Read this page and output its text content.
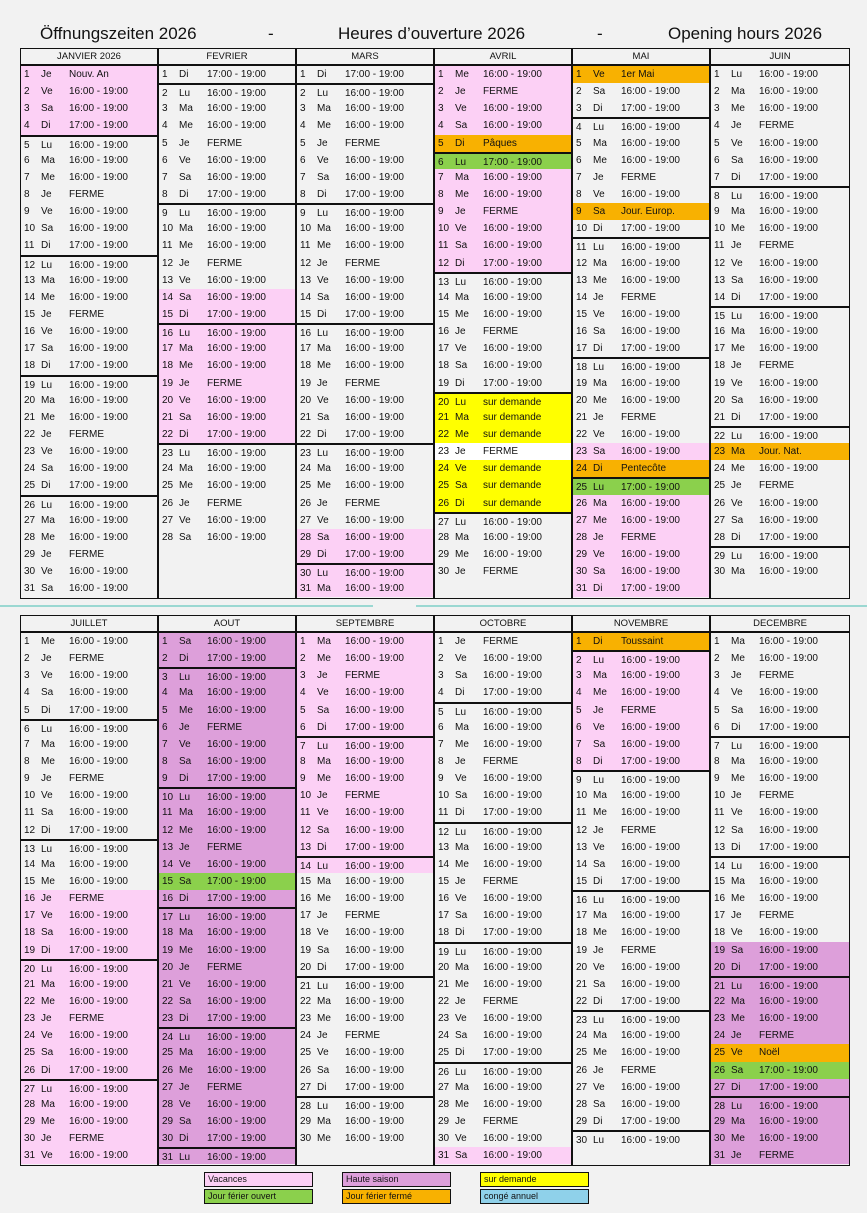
Öffnungszeiten 2026	-	Heures d’ouverture 2026	-	Opening hours 2026
JANVIER 2026
1 Je Nouv. An
2 Ve 16:00 - 19:00
3 Sa 16:00 - 19:00
4 Di 17:00 - 19:00
5 Lu 16:00 - 19:00
6 Ma 16:00 - 19:00
7 Me 16:00 - 19:00
8 Je FERME
9 Ve 16:00 - 19:00
10 Sa 16:00 - 19:00
11 Di 17:00 - 19:00
12 Lu 16:00 - 19:00
13 Ma 16:00 - 19:00
14 Me 16:00 - 19:00
15 Je FERME
16 Ve 16:00 - 19:00
17 Sa 16:00 - 19:00
18 Di 17:00 - 19:00
19 Lu 16:00 - 19:00
20 Ma 16:00 - 19:00
21 Me 16:00 - 19:00
22 Je FERME
23 Ve 16:00 - 19:00
24 Sa 16:00 - 19:00
25 Di 17:00 - 19:00
26 Lu 16:00 - 19:00
27 Ma 16:00 - 19:00
28 Me 16:00 - 19:00
29 Je FERME
30 Ve 16:00 - 19:00
31 Sa 16:00 - 19:00
FEVRIER
1 Di 17:00 - 19:00
2 Lu 16:00 - 19:00
3 Ma 16:00 - 19:00
4 Me 16:00 - 19:00
5 Je FERME
6 Ve 16:00 - 19:00
7 Sa 16:00 - 19:00
8 Di 17:00 - 19:00
9 Lu 16:00 - 19:00
10 Ma 16:00 - 19:00
11 Me 16:00 - 19:00
12 Je FERME
13 Ve 16:00 - 19:00
14 Sa 16:00 - 19:00
15 Di 17:00 - 19:00
16 Lu 16:00 - 19:00
17 Ma 16:00 - 19:00
18 Me 16:00 - 19:00
19 Je FERME
20 Ve 16:00 - 19:00
21 Sa 16:00 - 19:00
22 Di 17:00 - 19:00
23 Lu 16:00 - 19:00
24 Ma 16:00 - 19:00
25 Me 16:00 - 19:00
26 Je FERME
27 Ve 16:00 - 19:00
28 Sa 16:00 - 19:00
MARS
1 Di 17:00 - 19:00
2 Lu 16:00 - 19:00
3 Ma 16:00 - 19:00
4 Me 16:00 - 19:00
5 Je FERME
6 Ve 16:00 - 19:00
7 Sa 16:00 - 19:00
8 Di 17:00 - 19:00
9 Lu 16:00 - 19:00
10 Ma 16:00 - 19:00
11 Me 16:00 - 19:00
12 Je FERME
13 Ve 16:00 - 19:00
14 Sa 16:00 - 19:00
15 Di 17:00 - 19:00
16 Lu 16:00 - 19:00
17 Ma 16:00 - 19:00
18 Me 16:00 - 19:00
19 Je FERME
20 Ve 16:00 - 19:00
21 Sa 16:00 - 19:00
22 Di 17:00 - 19:00
23 Lu 16:00 - 19:00
24 Ma 16:00 - 19:00
25 Me 16:00 - 19:00
26 Je FERME
27 Ve 16:00 - 19:00
28 Sa 16:00 - 19:00
29 Di 17:00 - 19:00
30 Lu 16:00 - 19:00
31 Ma 16:00 - 19:00
AVRIL
1 Me 16:00 - 19:00
2 Je FERME
3 Ve 16:00 - 19:00
4 Sa 16:00 - 19:00
5 Di Pâques
6 Lu 17:00 - 19:00
7 Ma 16:00 - 19:00
8 Me 16:00 - 19:00
9 Je FERME
10 Ve 16:00 - 19:00
11 Sa 16:00 - 19:00
12 Di 17:00 - 19:00
13 Lu 16:00 - 19:00
14 Ma 16:00 - 19:00
15 Me 16:00 - 19:00
16 Je FERME
17 Ve 16:00 - 19:00
18 Sa 16:00 - 19:00
19 Di 17:00 - 19:00
20 Lu sur demande
21 Ma sur demande
22 Me sur demande
23 Je FERME
24 Ve sur demande
25 Sa sur demande
26 Di sur demande
27 Lu 16:00 - 19:00
28 Ma 16:00 - 19:00
29 Me 16:00 - 19:00
30 Je FERME
MAI
1 Ve 1er Mai
2 Sa 16:00 - 19:00
3 Di 17:00 - 19:00
4 Lu 16:00 - 19:00
5 Ma 16:00 - 19:00
6 Me 16:00 - 19:00
7 Je FERME
8 Ve 16:00 - 19:00
9 Sa Jour. Europ.
10 Di 17:00 - 19:00
11 Lu 16:00 - 19:00
12 Ma 16:00 - 19:00
13 Me 16:00 - 19:00
14 Je FERME
15 Ve 16:00 - 19:00
16 Sa 16:00 - 19:00
17 Di 17:00 - 19:00
18 Lu 16:00 - 19:00
19 Ma 16:00 - 19:00
20 Me 16:00 - 19:00
21 Je FERME
22 Ve 16:00 - 19:00
23 Sa 16:00 - 19:00
24 Di Pentecôte
25 Lu 17:00 - 19:00
26 Ma 16:00 - 19:00
27 Me 16:00 - 19:00
28 Je FERME
29 Ve 16:00 - 19:00
30 Sa 16:00 - 19:00
31 Di 17:00 - 19:00
JUIN
1 Lu 16:00 - 19:00
2 Ma 16:00 - 19:00
3 Me 16:00 - 19:00
4 Je FERME
5 Ve 16:00 - 19:00
6 Sa 16:00 - 19:00
7 Di 17:00 - 19:00
8 Lu 16:00 - 19:00
9 Ma 16:00 - 19:00
10 Me 16:00 - 19:00
11 Je FERME
12 Ve 16:00 - 19:00
13 Sa 16:00 - 19:00
14 Di 17:00 - 19:00
15 Lu 16:00 - 19:00
16 Ma 16:00 - 19:00
17 Me 16:00 - 19:00
18 Je FERME
19 Ve 16:00 - 19:00
20 Sa 16:00 - 19:00
21 Di 17:00 - 19:00
22 Lu 16:00 - 19:00
23 Ma Jour. Nat.
24 Me 16:00 - 19:00
25 Je FERME
26 Ve 16:00 - 19:00
27 Sa 16:00 - 19:00
28 Di 17:00 - 19:00
29 Lu 16:00 - 19:00
30 Ma 16:00 - 19:00
JUILLET
1 Me 16:00 - 19:00
2 Je FERME
3 Ve 16:00 - 19:00
4 Sa 16:00 - 19:00
5 Di 17:00 - 19:00
6 Lu 16:00 - 19:00
7 Ma 16:00 - 19:00
8 Me 16:00 - 19:00
9 Je FERME
10 Ve 16:00 - 19:00
11 Sa 16:00 - 19:00
12 Di 17:00 - 19:00
13 Lu 16:00 - 19:00
14 Ma 16:00 - 19:00
15 Me 16:00 - 19:00
16 Je FERME
17 Ve 16:00 - 19:00
18 Sa 16:00 - 19:00
19 Di 17:00 - 19:00
20 Lu 16:00 - 19:00
21 Ma 16:00 - 19:00
22 Me 16:00 - 19:00
23 Je FERME
24 Ve 16:00 - 19:00
25 Sa 16:00 - 19:00
26 Di 17:00 - 19:00
27 Lu 16:00 - 19:00
28 Ma 16:00 - 19:00
29 Me 16:00 - 19:00
30 Je FERME
31 Ve 16:00 - 19:00
AOUT
1 Sa 16:00 - 19:00
2 Di 17:00 - 19:00
3 Lu 16:00 - 19:00
4 Ma 16:00 - 19:00
5 Me 16:00 - 19:00
6 Je FERME
7 Ve 16:00 - 19:00
8 Sa 16:00 - 19:00
9 Di 17:00 - 19:00
10 Lu 16:00 - 19:00
11 Ma 16:00 - 19:00
12 Me 16:00 - 19:00
13 Je FERME
14 Ve 16:00 - 19:00
15 Sa 17:00 - 19:00
16 Di 17:00 - 19:00
17 Lu 16:00 - 19:00
18 Ma 16:00 - 19:00
19 Me 16:00 - 19:00
20 Je FERME
21 Ve 16:00 - 19:00
22 Sa 16:00 - 19:00
23 Di 17:00 - 19:00
24 Lu 16:00 - 19:00
25 Ma 16:00 - 19:00
26 Me 16:00 - 19:00
27 Je FERME
28 Ve 16:00 - 19:00
29 Sa 16:00 - 19:00
30 Di 17:00 - 19:00
31 Lu 16:00 - 19:00
SEPTEMBRE
1 Ma 16:00 - 19:00
2 Me 16:00 - 19:00
3 Je FERME
4 Ve 16:00 - 19:00
5 Sa 16:00 - 19:00
6 Di 17:00 - 19:00
7 Lu 16:00 - 19:00
8 Ma 16:00 - 19:00
9 Me 16:00 - 19:00
10 Je FERME
11 Ve 16:00 - 19:00
12 Sa 16:00 - 19:00
13 Di 17:00 - 19:00
14 Lu 16:00 - 19:00
15 Ma 16:00 - 19:00
16 Me 16:00 - 19:00
17 Je FERME
18 Ve 16:00 - 19:00
19 Sa 16:00 - 19:00
20 Di 17:00 - 19:00
21 Lu 16:00 - 19:00
22 Ma 16:00 - 19:00
23 Me 16:00 - 19:00
24 Je FERME
25 Ve 16:00 - 19:00
26 Sa 16:00 - 19:00
27 Di 17:00 - 19:00
28 Lu 16:00 - 19:00
29 Ma 16:00 - 19:00
30 Me 16:00 - 19:00
OCTOBRE
1 Je FERME
2 Ve 16:00 - 19:00
3 Sa 16:00 - 19:00
4 Di 17:00 - 19:00
5 Lu 16:00 - 19:00
6 Ma 16:00 - 19:00
7 Me 16:00 - 19:00
8 Je FERME
9 Ve 16:00 - 19:00
10 Sa 16:00 - 19:00
11 Di 17:00 - 19:00
12 Lu 16:00 - 19:00
13 Ma 16:00 - 19:00
14 Me 16:00 - 19:00
15 Je FERME
16 Ve 16:00 - 19:00
17 Sa 16:00 - 19:00
18 Di 17:00 - 19:00
19 Lu 16:00 - 19:00
20 Ma 16:00 - 19:00
21 Me 16:00 - 19:00
22 Je FERME
23 Ve 16:00 - 19:00
24 Sa 16:00 - 19:00
25 Di 17:00 - 19:00
26 Lu 16:00 - 19:00
27 Ma 16:00 - 19:00
28 Me 16:00 - 19:00
29 Je FERME
30 Ve 16:00 - 19:00
31 Sa 16:00 - 19:00
NOVEMBRE
1 Di Toussaint
2 Lu 16:00 - 19:00
3 Ma 16:00 - 19:00
4 Me 16:00 - 19:00
5 Je FERME
6 Ve 16:00 - 19:00
7 Sa 16:00 - 19:00
8 Di 17:00 - 19:00
9 Lu 16:00 - 19:00
10 Ma 16:00 - 19:00
11 Me 16:00 - 19:00
12 Je FERME
13 Ve 16:00 - 19:00
14 Sa 16:00 - 19:00
15 Di 17:00 - 19:00
16 Lu 16:00 - 19:00
17 Ma 16:00 - 19:00
18 Me 16:00 - 19:00
19 Je FERME
20 Ve 16:00 - 19:00
21 Sa 16:00 - 19:00
22 Di 17:00 - 19:00
23 Lu 16:00 - 19:00
24 Ma 16:00 - 19:00
25 Me 16:00 - 19:00
26 Je FERME
27 Ve 16:00 - 19:00
28 Sa 16:00 - 19:00
29 Di 17:00 - 19:00
30 Lu 16:00 - 19:00
DECEMBRE
1 Ma 16:00 - 19:00
2 Me 16:00 - 19:00
3 Je FERME
4 Ve 16:00 - 19:00
5 Sa 16:00 - 19:00
6 Di 17:00 - 19:00
7 Lu 16:00 - 19:00
8 Ma 16:00 - 19:00
9 Me 16:00 - 19:00
10 Je FERME
11 Ve 16:00 - 19:00
12 Sa 16:00 - 19:00
13 Di 17:00 - 19:00
14 Lu 16:00 - 19:00
15 Ma 16:00 - 19:00
16 Me 16:00 - 19:00
17 Je FERME
18 Ve 16:00 - 19:00
19 Sa 16:00 - 19:00
20 Di 17:00 - 19:00
21 Lu 16:00 - 19:00
22 Ma 16:00 - 19:00
23 Me 16:00 - 19:00
24 Je FERME
25 Ve Noël
26 Sa 17:00 - 19:00
27 Di 17:00 - 19:00
28 Lu 16:00 - 19:00
29 Ma 16:00 - 19:00
30 Me 16:00 - 19:00
31 Je FERME
Vacances	Haute saison	sur demande
Jour férier ouvert	Jour férier fermé	congé annuel
